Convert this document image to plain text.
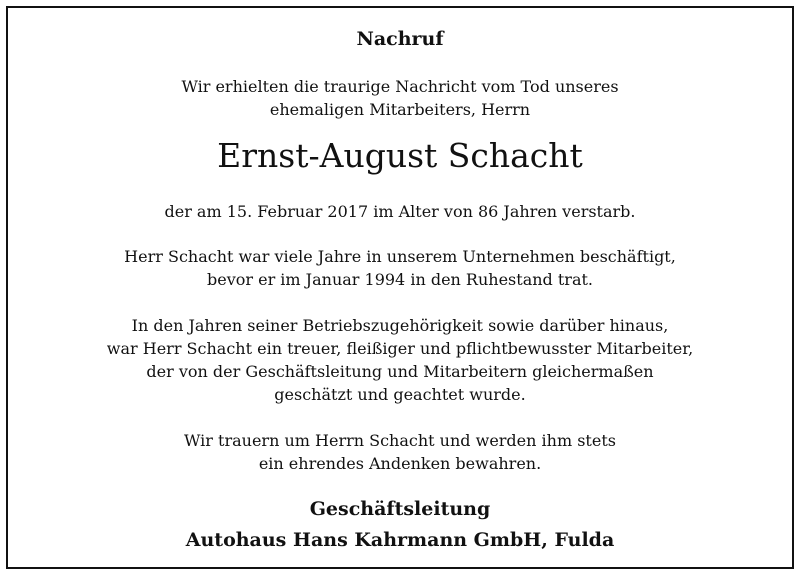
Nachruf

Wir erhielten die traurige Nachricht vom Tod unseres

ehemaligen Mitarbeiters, Herrn

Ernst-August Schacht

der am 15. Februar 2017 im Alter von 86 Jahren verstarb.

Herr Schacht war viele Jahre in unserem Unternehmen beschäftigt,

bevor er im Januar 1994 in den Ruhestand trat.

In den Jahren seiner Betriebszugehörigkeit sowie darüber hinaus,

war Herr Schacht ein treuer, fleißiger und pflichtbewusster Mitarbeiter,

der von der Geschäftsleitung und Mitarbeitern gleichermaßen

geschätzt und geachtet wurde.

Wir trauern um Herrn Schacht und werden ihm stets

ein ehrendes Andenken bewahren.

Geschäftsleitung

Autohaus Hans Kahrmann GmbH, Fulda
